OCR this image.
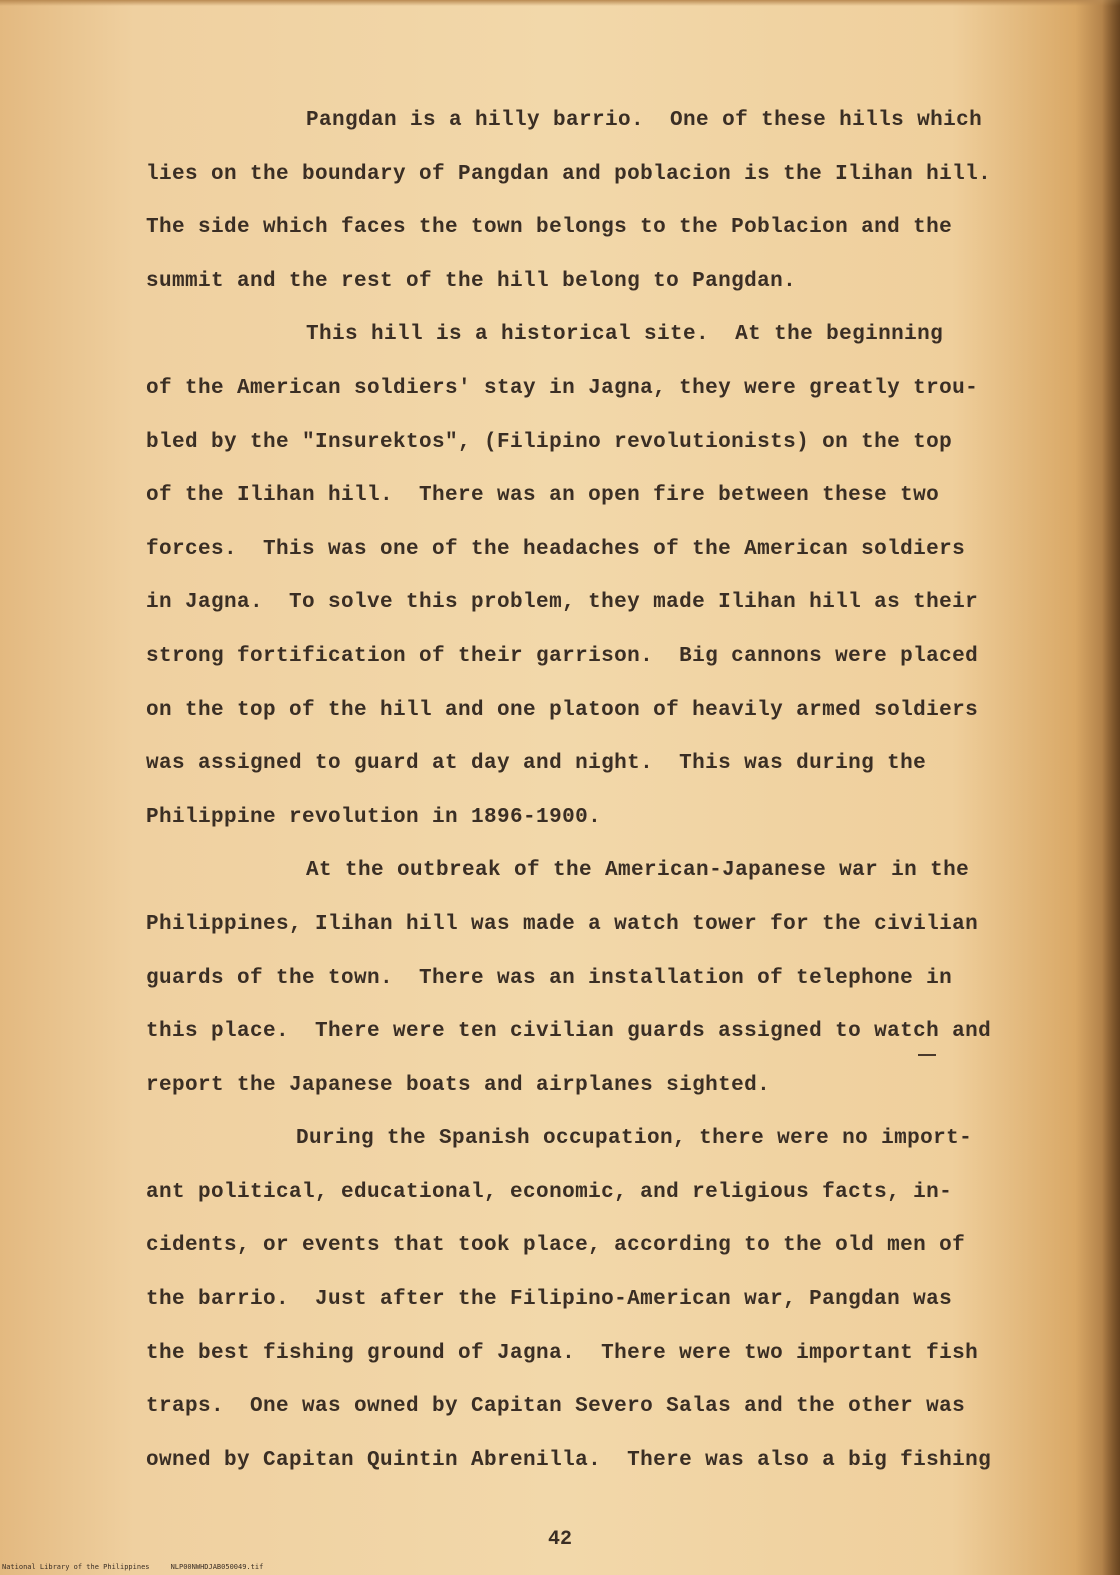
Pangdan is a hilly barrio.  One of these hills which
lies on the boundary of Pangdan and poblacion is the Ilihan hill.
The side which faces the town belongs to the Poblacion and the
summit and the rest of the hill belong to Pangdan.
This hill is a historical site.  At the beginning
of the American soldiers' stay in Jagna, they were greatly trou-
bled by the "Insurektos", (Filipino revolutionists) on the top
of the Ilihan hill.  There was an open fire between these two
forces.  This was one of the headaches of the American soldiers
in Jagna.  To solve this problem, they made Ilihan hill as their
strong fortification of their garrison.  Big cannons were placed
on the top of the hill and one platoon of heavily armed soldiers
was assigned to guard at day and night.  This was during the
Philippine revolution in 1896-1900.
At the outbreak of the American-Japanese war in the
Philippines, Ilihan hill was made a watch tower for the civilian
guards of the town.  There was an installation of telephone in
this place.  There were ten civilian guards assigned to watch and
report the Japanese boats and airplanes sighted.
During the Spanish occupation, there were no import-
ant political, educational, economic, and religious facts, in-
cidents, or events that took place, according to the old men of
the barrio.  Just after the Filipino-American war, Pangdan was
the best fishing ground of Jagna.  There were two important fish
traps.  One was owned by Capitan Severo Salas and the other was
owned by Capitan Quintin Abrenilla.  There was also a big fishing
42
National Library of the Philippines     NLP00NWHDJAB050049.tif
